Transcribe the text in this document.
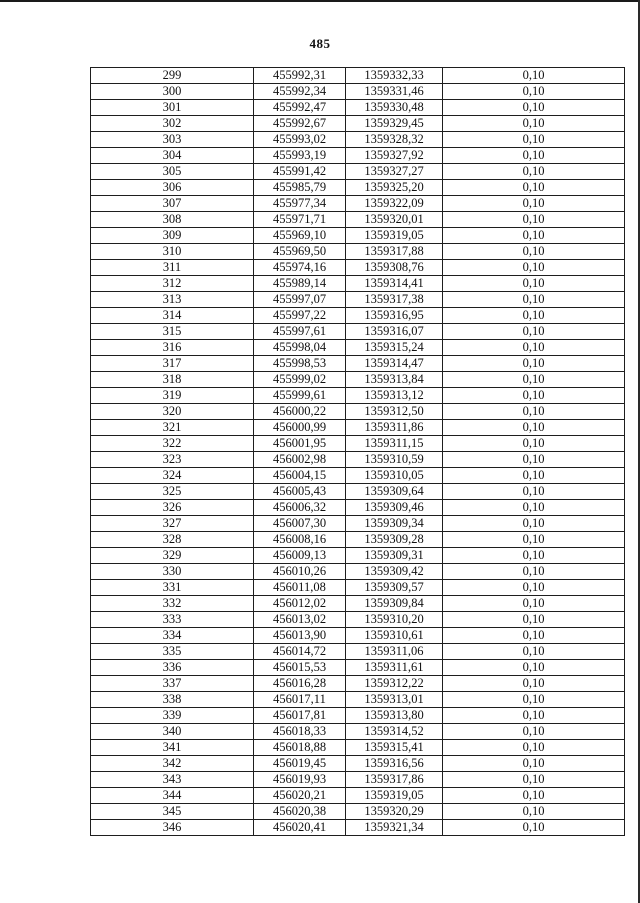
485
299	455992,31	1359332,33	0,10
300	455992,34	1359331,46	0,10
301	455992,47	1359330,48	0,10
302	455992,67	1359329,45	0,10
303	455993,02	1359328,32	0,10
304	455993,19	1359327,92	0,10
305	455991,42	1359327,27	0,10
306	455985,79	1359325,20	0,10
307	455977,34	1359322,09	0,10
308	455971,71	1359320,01	0,10
309	455969,10	1359319,05	0,10
310	455969,50	1359317,88	0,10
311	455974,16	1359308,76	0,10
312	455989,14	1359314,41	0,10
313	455997,07	1359317,38	0,10
314	455997,22	1359316,95	0,10
315	455997,61	1359316,07	0,10
316	455998,04	1359315,24	0,10
317	455998,53	1359314,47	0,10
318	455999,02	1359313,84	0,10
319	455999,61	1359313,12	0,10
320	456000,22	1359312,50	0,10
321	456000,99	1359311,86	0,10
322	456001,95	1359311,15	0,10
323	456002,98	1359310,59	0,10
324	456004,15	1359310,05	0,10
325	456005,43	1359309,64	0,10
326	456006,32	1359309,46	0,10
327	456007,30	1359309,34	0,10
328	456008,16	1359309,28	0,10
329	456009,13	1359309,31	0,10
330	456010,26	1359309,42	0,10
331	456011,08	1359309,57	0,10
332	456012,02	1359309,84	0,10
333	456013,02	1359310,20	0,10
334	456013,90	1359310,61	0,10
335	456014,72	1359311,06	0,10
336	456015,53	1359311,61	0,10
337	456016,28	1359312,22	0,10
338	456017,11	1359313,01	0,10
339	456017,81	1359313,80	0,10
340	456018,33	1359314,52	0,10
341	456018,88	1359315,41	0,10
342	456019,45	1359316,56	0,10
343	456019,93	1359317,86	0,10
344	456020,21	1359319,05	0,10
345	456020,38	1359320,29	0,10
346	456020,41	1359321,34	0,10
